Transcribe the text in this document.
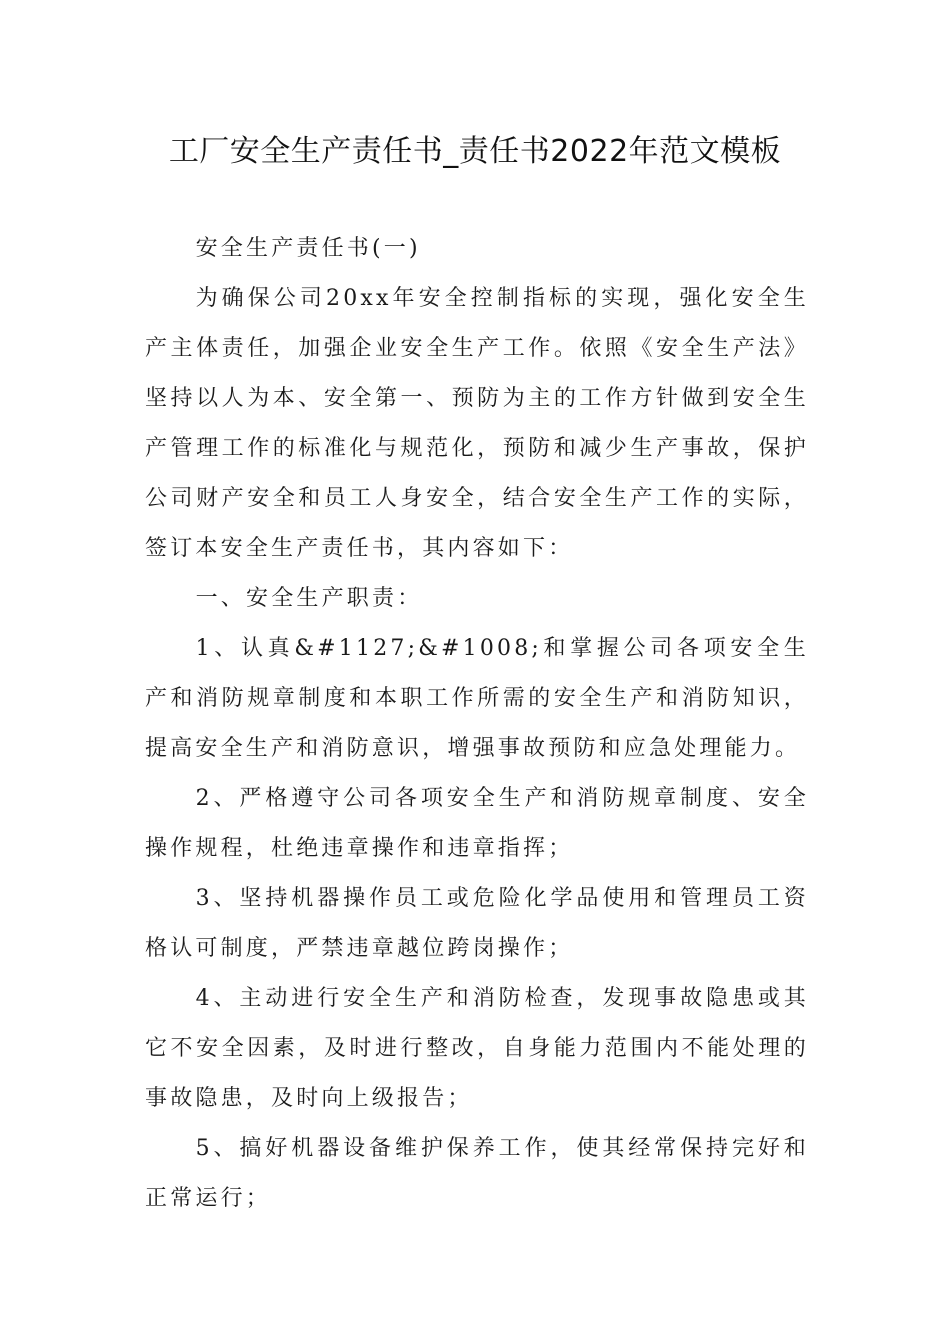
工厂安全生产责任书_责任书2022年范文模板

安全生产责任书(一)

为确保公司20xx年安全控制指标的实现，强化安全生产主体责任，加强企业安全生产工作。依照《安全生产法》坚持以人为本、安全第一、预防为主的工作方针做到安全生产管理工作的标准化与规范化，预防和减少生产事故，保护公司财产安全和员工人身安全，结合安全生产工作的实际，签订本安全生产责任书，其内容如下：

一、安全生产职责：

1、认真&#1127;&#1008;和掌握公司各项安全生产和消防规章制度和本职工作所需的安全生产和消防知识，提高安全生产和消防意识，增强事故预防和应急处理能力。

2、严格遵守公司各项安全生产和消防规章制度、安全操作规程，杜绝违章操作和违章指挥；

3、坚持机器操作员工或危险化学品使用和管理员工资格认可制度，严禁违章越位跨岗操作；

4、主动进行安全生产和消防检查，发现事故隐患或其它不安全因素，及时进行整改，自身能力范围内不能处理的事故隐患，及时向上级报告；

5、搞好机器设备维护保养工作，使其经常保持完好和正常运行；
